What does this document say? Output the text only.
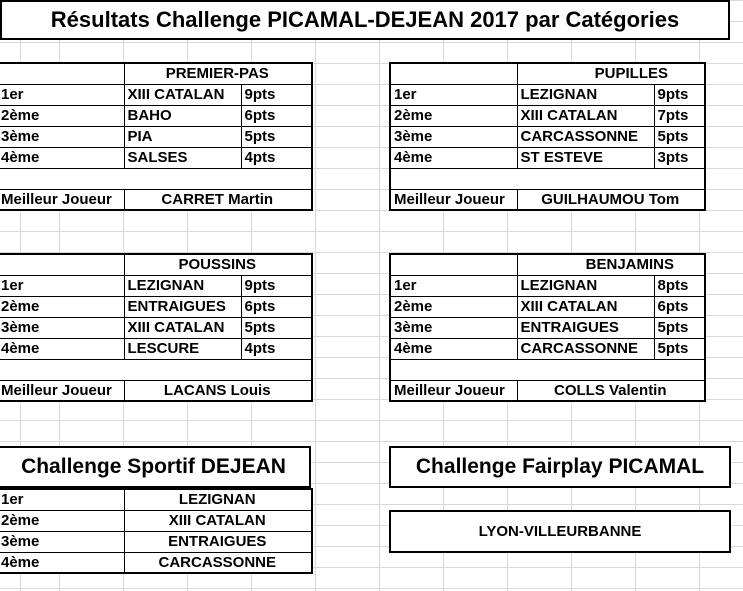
Résultats Challenge PICAMAL-DEJEAN 2017 par Catégories
	PREMIER-PAS	
1er	XIII CATALAN	9pts
2ème	BAHO	6pts
3ème	PIA	5pts
4ème	SALSES	4pts

Meilleur Joueur	CARRET Martin	
	PUPILLES	
1er	LEZIGNAN	9pts
2ème	XIII CATALAN	7pts
3ème	CARCASSONNE	5pts
4ème	ST ESTEVE	3pts

Meilleur Joueur	GUILHAUMOU Tom	
	POUSSINS	
1er	LEZIGNAN	9pts
2ème	ENTRAIGUES	6pts
3ème	XIII CATALAN	5pts
4ème	LESCURE	4pts

Meilleur Joueur	LACANS Louis	
	BENJAMINS	
1er	LEZIGNAN	8pts
2ème	XIII CATALAN	6pts
3ème	ENTRAIGUES	5pts
4ème	CARCASSONNE	5pts

Meilleur Joueur	COLLS Valentin	
Challenge Sportif DEJEAN
1er	LEZIGNAN
2ème	XIII CATALAN
3ème	ENTRAIGUES
4ème	CARCASSONNE
Challenge Fairplay PICAMAL
LYON-VILLEURBANNE
